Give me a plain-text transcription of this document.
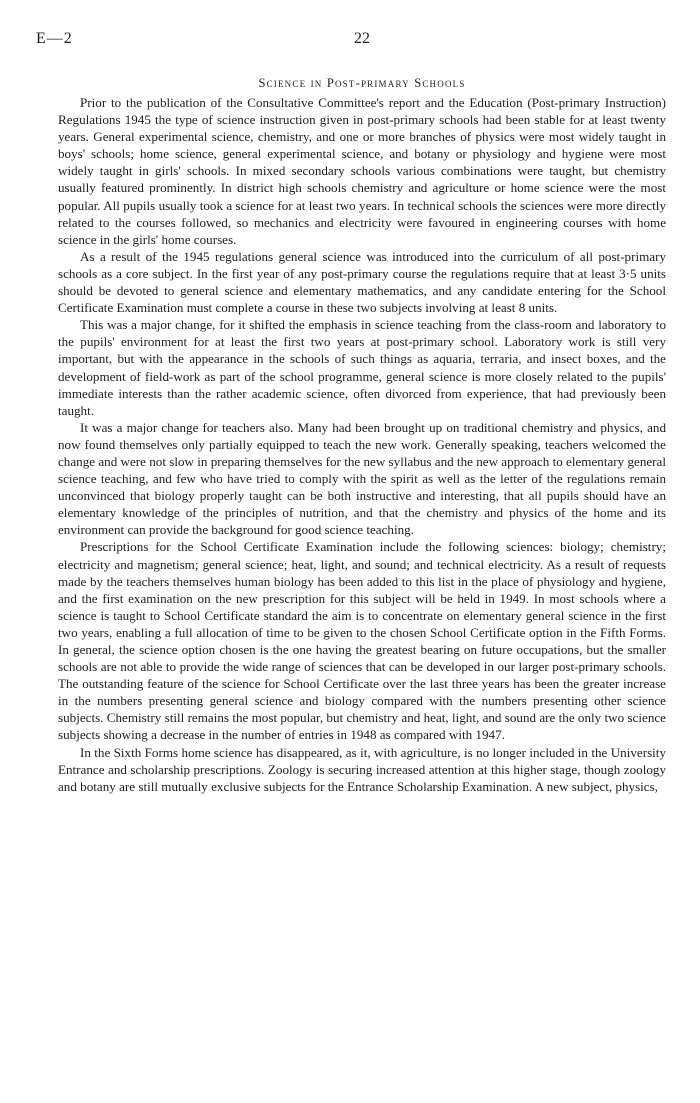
E—2	22
Science in Post-primary Schools

Prior to the publication of the Consultative Committee's report and the Education (Post-primary Instruction) Regulations 1945 the type of science instruction given in post-primary schools had been stable for at least twenty years. General experimental science, chemistry, and one or more branches of physics were most widely taught in boys' schools; home science, general experimental science, and botany or physiology and hygiene were most widely taught in girls' schools. In mixed secondary schools various combinations were taught, but chemistry usually featured prominently. In district high schools chemistry and agriculture or home science were the most popular. All pupils usually took a science for at least two years. In technical schools the sciences were more directly related to the courses followed, so mechanics and electricity were favoured in engineering courses with home science in the girls' home courses.

As a result of the 1945 regulations general science was introduced into the curriculum of all post-primary schools as a core subject. In the first year of any post-primary course the regulations require that at least 3·5 units should be devoted to general science and elementary mathematics, and any candidate entering for the School Certificate Examination must complete a course in these two subjects involving at least 8 units.

This was a major change, for it shifted the emphasis in science teaching from the class-room and laboratory to the pupils' environment for at least the first two years at post-primary school. Laboratory work is still very important, but with the appearance in the schools of such things as aquaria, terraria, and insect boxes, and the development of field-work as part of the school programme, general science is more closely related to the pupils' immediate interests than the rather academic science, often divorced from experience, that had previously been taught.

It was a major change for teachers also. Many had been brought up on traditional chemistry and physics, and now found themselves only partially equipped to teach the new work. Generally speaking, teachers welcomed the change and were not slow in preparing themselves for the new syllabus and the new approach to elementary general science teaching, and few who have tried to comply with the spirit as well as the letter of the regulations remain unconvinced that biology properly taught can be both instructive and interesting, that all pupils should have an elementary knowledge of the principles of nutrition, and that the chemistry and physics of the home and its environment can provide the background for good science teaching.

Prescriptions for the School Certificate Examination include the following sciences: biology; chemistry; electricity and magnetism; general science; heat, light, and sound; and technical electricity. As a result of requests made by the teachers themselves human biology has been added to this list in the place of physiology and hygiene, and the first examination on the new prescription for this subject will be held in 1949. In most schools where a science is taught to School Certificate standard the aim is to concentrate on elementary general science in the first two years, enabling a full allocation of time to be given to the chosen School Certificate option in the Fifth Forms. In general, the science option chosen is the one having the greatest bearing on future occupations, but the smaller schools are not able to provide the wide range of sciences that can be developed in our larger post-primary schools. The outstanding feature of the science for School Certificate over the last three years has been the greater increase in the numbers presenting general science and biology compared with the numbers presenting other science subjects. Chemistry still remains the most popular, but chemistry and heat, light, and sound are the only two science subjects showing a decrease in the number of entries in 1948 as compared with 1947.

In the Sixth Forms home science has disappeared, as it, with agriculture, is no longer included in the University Entrance and scholarship prescriptions. Zoology is securing increased attention at this higher stage, though zoology and botany are still mutually exclusive subjects for the Entrance Scholarship Examination. A new subject, physics,
